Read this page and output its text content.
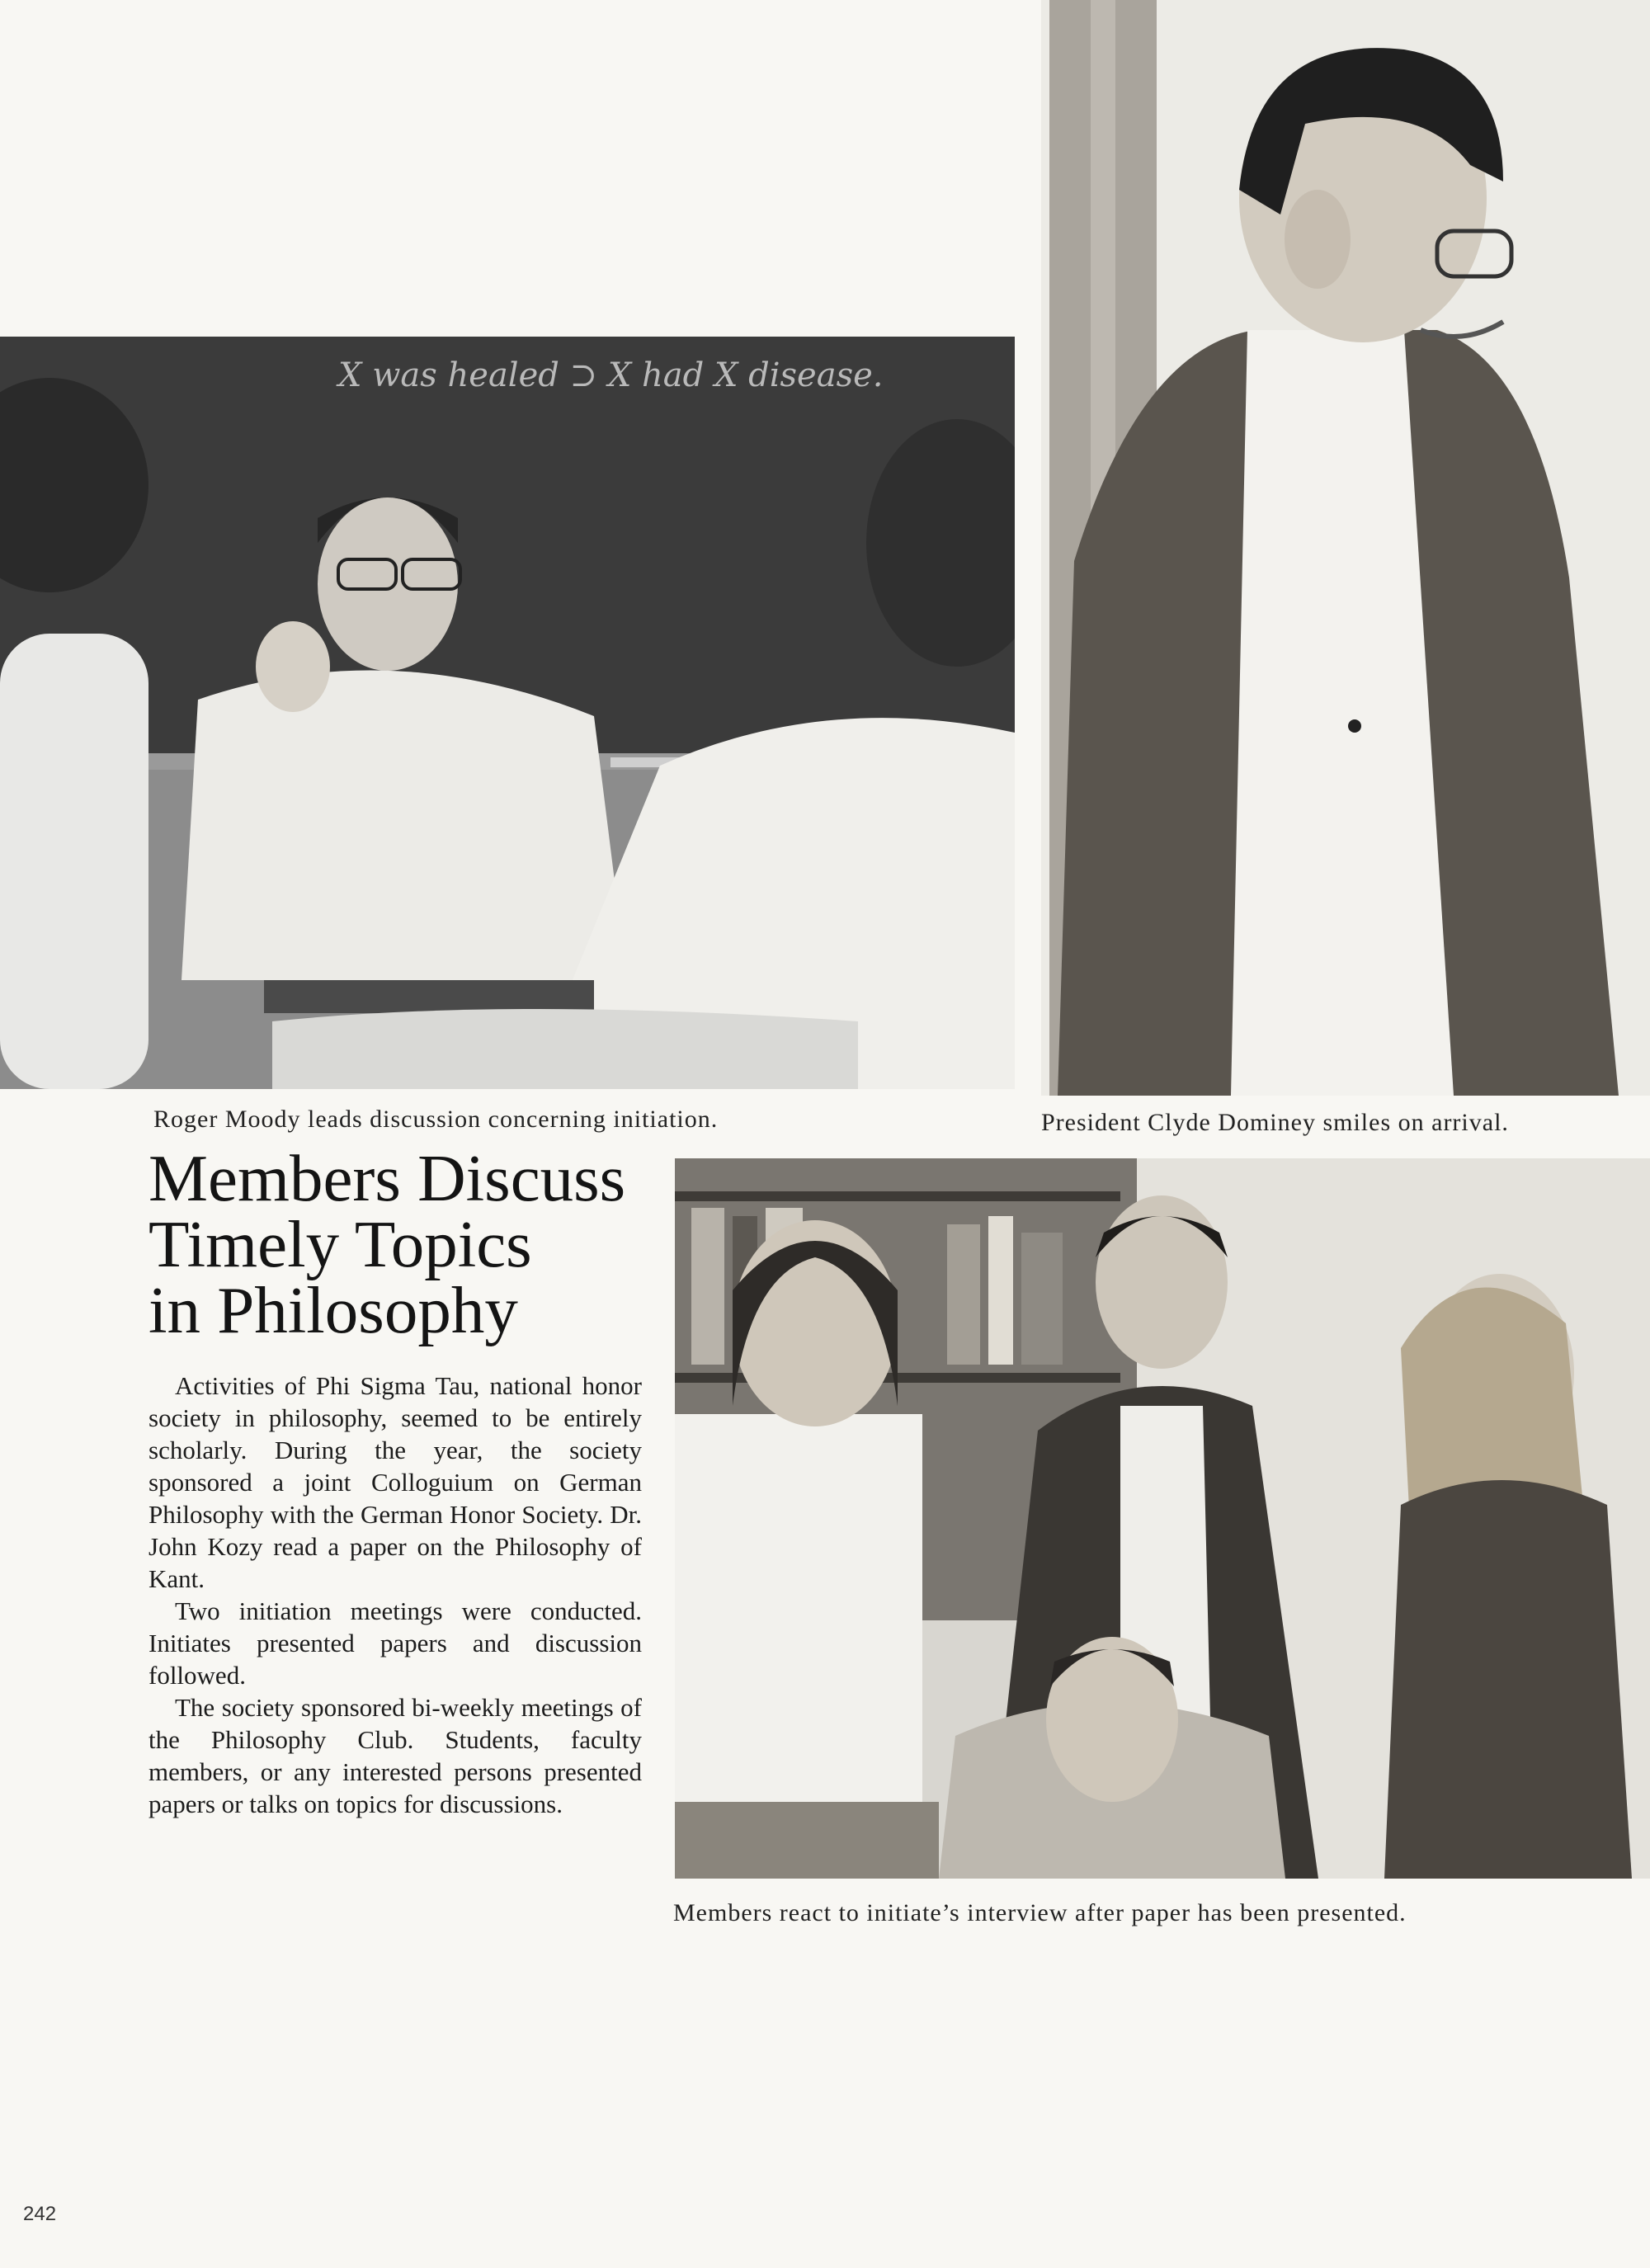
X was healed ⊃ X had X disease.
Roger Moody leads discussion concerning initiation.	President Clyde Dominey smiles on arrival.
Members Discuss
Timely Topics
in Philosophy

Activities of Phi Sigma Tau, national honor society in philosophy, seemed to be entirely scholarly. During the year, the society sponsored a joint Colloguium on German Philosophy with the German Honor Society. Dr. John Kozy read a paper on the Philosophy of Kant.

Two initiation meetings were conducted. Initiates presented papers and discussion followed.

The society sponsored bi-weekly meetings of the Philosophy Club. Students, faculty members, or any interested persons presented papers or talks on topics for discussions.

Members react to initiate’s interview after paper has been presented.
242
